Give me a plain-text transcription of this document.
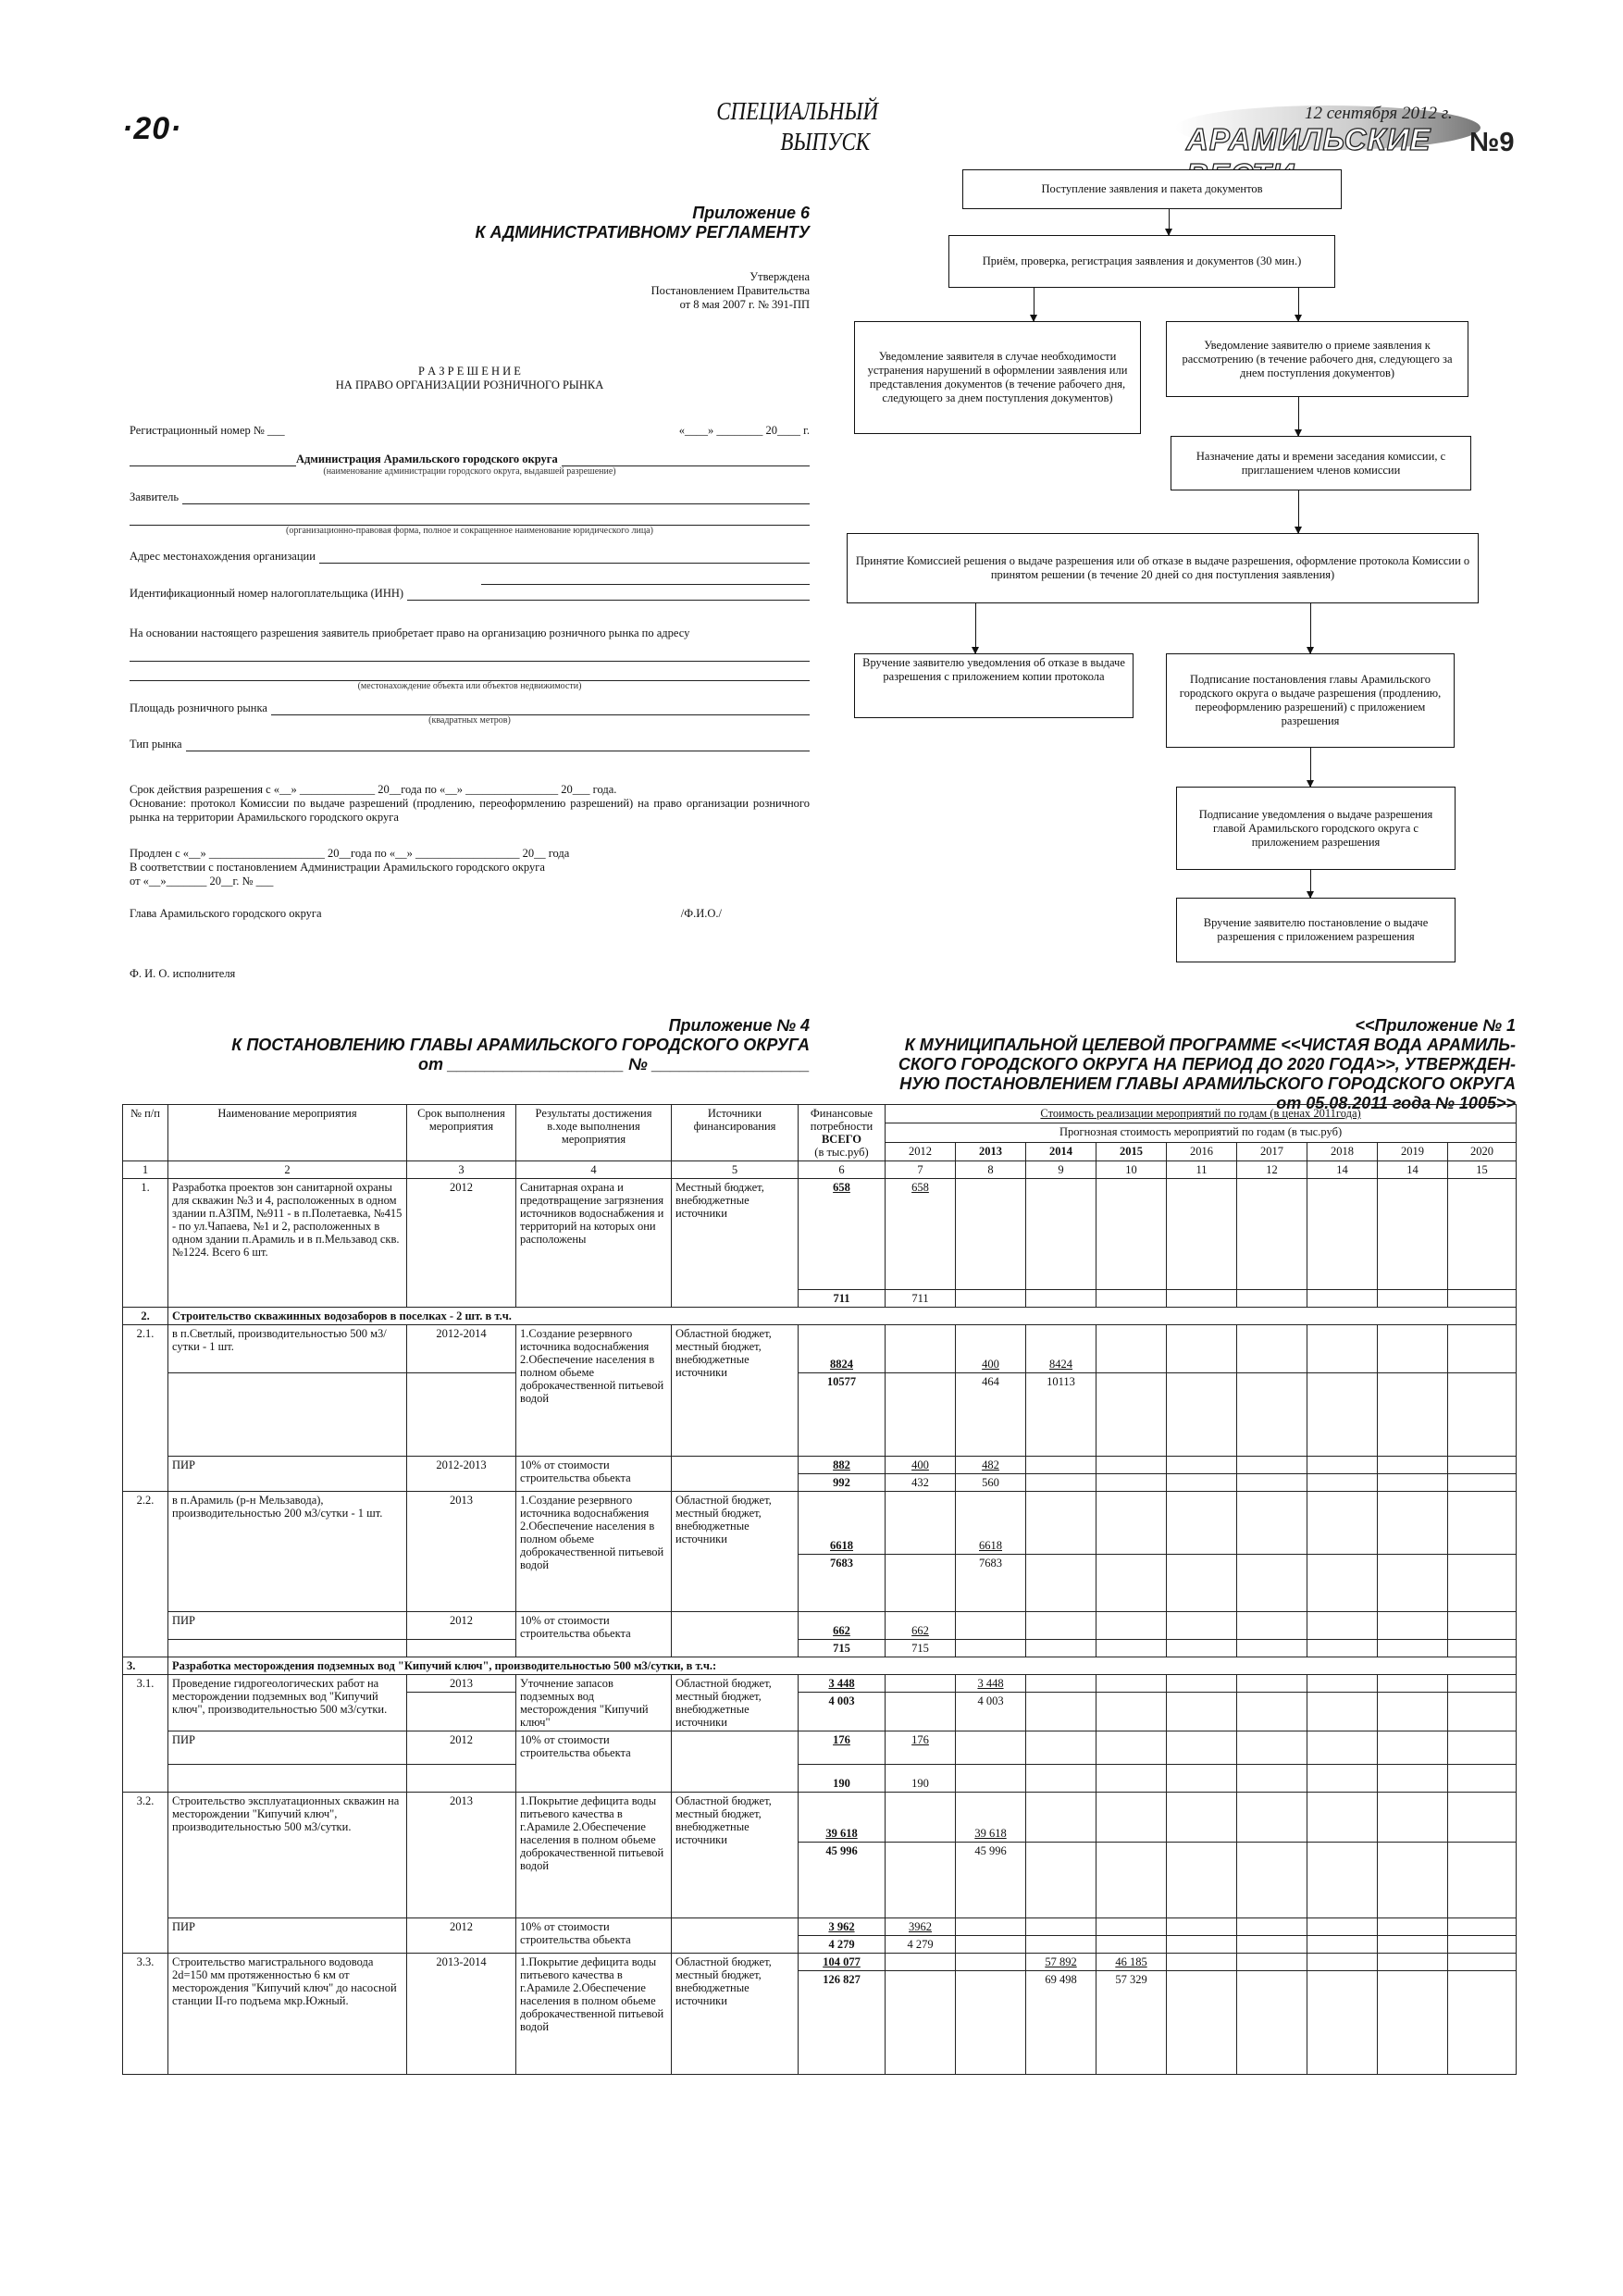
·20·	СПЕЦИАЛЬНЫЙ
ВЫПУСК
12 сентября 2012 г.
АРАМИЛЬСКИЕ	№9
Приложение 6
К АДМИНИСТРАТИВНОМУ РЕГЛАМЕНТУ
Утверждена
Постановлением Правительства
от 8 мая 2007 г. № 391-ПП
Р А З Р Е Ш Е Н И Е
НА ПРАВО ОРГАНИЗАЦИИ РОЗНИЧНОГО РЫНКА
Регистрационный номер № ___	«____» ________ 20____ г.
Администрация Арамильского городского округа
(наименование администрации городского округа, выдавшей разрешение)
Заявитель
(организационно-правовая форма, полное и сокращенное наименование юридического лица)
Адрес местонахождения организации
Идентификационный номер налогоплательщика (ИНН)
На основании настоящего разрешения заявитель приобретает право на организацию розничного рынка по адресу
(местонахождение объекта или объектов недвижимости)
Площадь розничного рынка
(квадратных метров)
Тип рынка
Срок действия разрешения с «__» _____________ 20__года по «__» ________________ 20___ года.
Основание: протокол Комиссии по выдаче разрешений (продлению, переоформлению разрешений) на право организации розничного рынка на территории Арамильского городского округа
Продлен с «__» ____________________ 20__года по «__» __________________ 20__ года
В соответствии с постановлением Администрации Арамильского городского округа
от «__»_______ 20__г. № ___
Глава Арамильского городского округа	/Ф.И.О./
Ф. И. О. исполнителя
Поступление заявления и пакета документов
Приём, проверка, регистрация заявления и документов (30 мин.)
Уведомление заявителя в случае необходимости устранения нарушений в оформлении заявления или представления документов (в течение рабочего дня, следующего за днем поступления документов)
Уведомление заявителю о приеме заявления к рассмотрению (в течение рабочего дня, следующего за днем поступления документов)
Назначение даты и времени заседания комиссии, с приглашением членов комиссии
Принятие Комиссией решения о выдаче разрешения или об отказе в выдаче разрешения, оформление протокола Комиссии о принятом решении (в течение 20 дней со дня поступления заявления)
Вручение заявителю уведомления об отказе в выдаче разрешения с приложением копии протокола	Подписание постановления главы Арамильского городского округа о выдаче разрешения (продлению, переоформлению разрешений) с приложением разрешения
Подписание уведомления о выдаче разрешения главой Арамильского городского округа с приложением разрешения
Вручение заявителю постановление о выдаче разрешения с приложением разрешения
Приложение № 4
К ПОСТАНОВЛЕНИЮ ГЛАВЫ АРАМИЛЬСКОГО ГОРОДСКОГО ОКРУГА
от ___________________ № _________________
<<Приложение № 1
К МУНИЦИПАЛЬНОЙ ЦЕЛЕВОЙ ПРОГРАММЕ <<ЧИСТАЯ ВОДА АРАМИЛЬ-
СКОГО ГОРОДСКОГО ОКРУГА НА ПЕРИОД ДО 2020 ГОДА>>, УТВЕРЖДЕН-
НУЮ ПОСТАНОВЛЕНИЕМ ГЛАВЫ АРАМИЛЬСКОГО ГОРОДСКОГО ОКРУГА
от 05.08.2011 года № 1005>>
№ п/п	Наименование мероприятия	Срок выполнения мероприятия	Результаты достижения в.ходе выполнения мероприятия	Источники финансирования	Финансовые потребности
ВСЕГО
(в тыс.руб)	Стоимость реализации мероприятий по годам (в ценах 2011года)								
						Прогнозная стоимость мероприятий по годам (в тыс.руб)								
						2012	2013	2014	2015	2016	2017	2018	2019	2020
1	2	3	4	5	6	7	8	9	10	11	12	14	14	15
1.	Разработка проектов зон санитарной охраны для скважин №3 и 4, расположенных в одном здании п.АЗПМ, №911 - в п.Полетаевка, №415 - по ул.Чапаева, №1 и 2, расположенных в одном здании п.Арамиль и в п.Мельзавод скв.№1224. Всего 6 шт.	2012	Санитарная охрана и предотвращение загрязнения источников водоснабжения и территорий на которых они расположены	Местный бюджет, внебюджетные источники	658	658								
					711	711								
2.	Строительство скважинных водозаборов в поселках - 2 шт. в т.ч.													
2.1.	в п.Светлый, производительностью 500 м3/сутки - 1 шт.	2012-2014	1.Создание резервного источника водоснабжения 2.Обеспечение населения в полном обьеме доброкачественной питьевой водой	Областной бюджет, местный бюджет, внебюджетные источники	8824		400	8424						
					10577		464	10113						
	ПИР	2012-2013	10% от стоимости строительства обьекта		882	400	482							
					992	432	560							
2.2.	в п.Арамиль (р-н Мельзавода), производительностью 200 м3/сутки - 1 шт.	2013	1.Создание резервного источника водоснабжения 2.Обеспечение населения в полном обьеме доброкачественной питьевой водой	Областной бюджет, местный бюджет, внебюджетные источники	6618		6618							
					7683		7683							
	ПИР	2012	10% от стоимости строительства обьекта		662	662								
					715	715								
3.	Разработка месторождения подземных вод "Кипучий ключ", производительностью 500 м3/сутки, в т.ч.:													
3.1.	Проведение гидрогеологических работ на месторождении подземных вод "Кипучий ключ", производительностью 500 м3/сутки.	2013	Уточнение запасов подземных вод месторождения "Кипучий ключ"	Областной бюджет, местный бюджет, внебюджетные источники	3 448		3 448							
					4 003		4 003							
	ПИР	2012	10% от стоимости строительства обьекта		176	176								
					190	190								
3.2.	Строительство эксплуатационных скважин на месторождении "Кипучий ключ", производительностью 500 м3/сутки.	2013	1.Покрытие дефицита воды питьевого качества в г.Арамиле 2.Обеспечение населения в полном обьеме доброкачественной питьевой водой	Областной бюджет, местный бюджет, внебюджетные источники	39 618		39 618							
					45 996		45 996							
	ПИР	2012	10% от стоимости строительства обьекта		3 962	3962								
					4 279	4 279								
3.3.	Строительство магистрального водовода 2d=150 мм протяженностью 6 км от месторождения "Кипучий ключ" до насосной станции II-го подъема мкр.Южный.	2013-2014	1.Покрытие дефицита воды питьевого качества в г.Арамиле 2.Обеспечение населения в полном обьеме доброкачественной питьевой водой	Областной бюджет, местный бюджет, внебюджетные источники	104 077			57 892	46 185					
					126 827			69 498	57 329					
